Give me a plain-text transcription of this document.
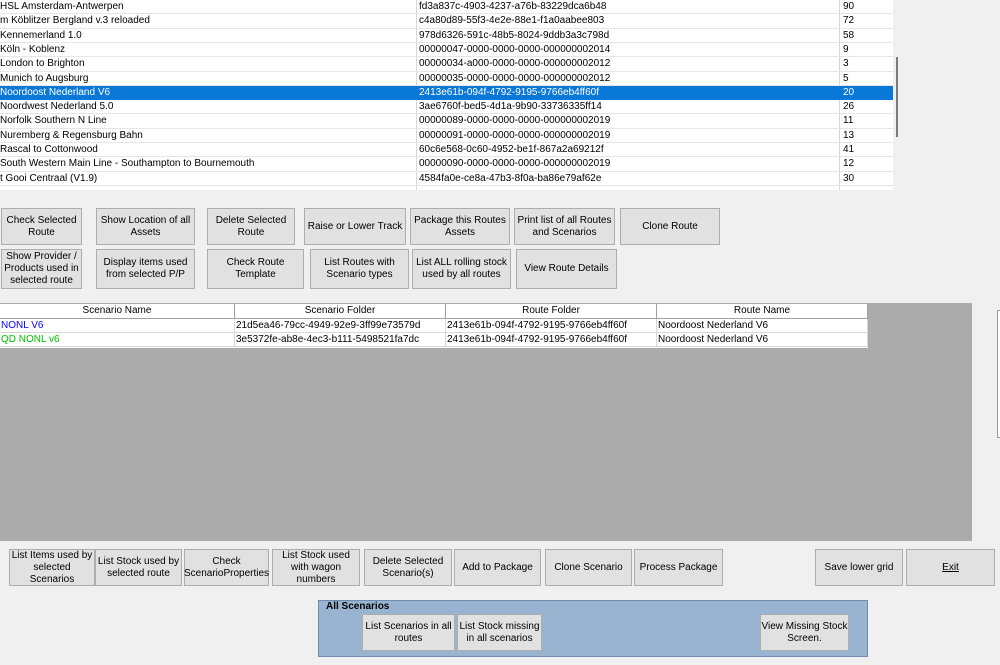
HSL Amsterdam-Antwerpen	fd3a837c-4903-4237-a76b-83229dca6b48	90
m Köblitzer Bergland v.3 reloaded	c4a80d89-55f3-4e2e-88e1-f1a0aabee803	72
Kennemerland 1.0	978d6326-591c-48b5-8024-9ddb3a3c798d	58
Köln - Koblenz	00000047-0000-0000-0000-000000002014	9
London to Brighton	00000034-a000-0000-0000-000000002012	3
Munich to Augsburg	00000035-0000-0000-0000-000000002012	5
Noordoost Nederland V6	2413e61b-094f-4792-9195-9766eb4ff60f	20
Noordwest Nederland 5.0	3ae6760f-bed5-4d1a-9b90-33736335ff14	26
Norfolk Southern N Line	00000089-0000-0000-0000-000000002019	11
Nuremberg & Regensburg Bahn	00000091-0000-0000-0000-000000002019	13
Rascal to Cottonwood	60c6e568-0c60-4952-be1f-867a2a69212f	41
South Western Main Line - Southampton to Bournemouth	00000090-0000-0000-0000-000000002019	12
t Gooi Centraal (V1.9)	4584fa0e-ce8a-47b3-8f0a-ba86e79af62e	30
Check Selected
Route
Show Location of all
Assets
Delete Selected
Route
Raise or Lower Track
Package this Routes
Assets
Print list of all Routes
and Scenarios
Clone Route
Show Provider /
Products used in
selected route
Display items used
from selected P/P
Check Route
Template
List Routes with
Scenario types
List ALL rolling stock
used by all routes
View Route Details
Scenario Name	Scenario Folder	Route Folder	Route Name
NONL V6	21d5ea46-79cc-4949-92e9-3ff99e73579d	2413e61b-094f-4792-9195-9766eb4ff60f	Noordoost Nederland V6
QD NONL v6	3e5372fe-ab8e-4ec3-b111-5498521fa7dc	2413e61b-094f-4792-9195-9766eb4ff60f	Noordoost Nederland V6
List Items used by
selected Scenarios
List Stock used by
selected route
Check
ScenarioProperties
List Stock used
with wagon
numbers
Delete Selected
Scenario(s)
Add to Package	Clone Scenario	Process Package	Save lower grid	Exit
All Scenarios
List Scenarios in all
routes
List Stock missing
in all scenarios
View Missing Stock
Screen.
